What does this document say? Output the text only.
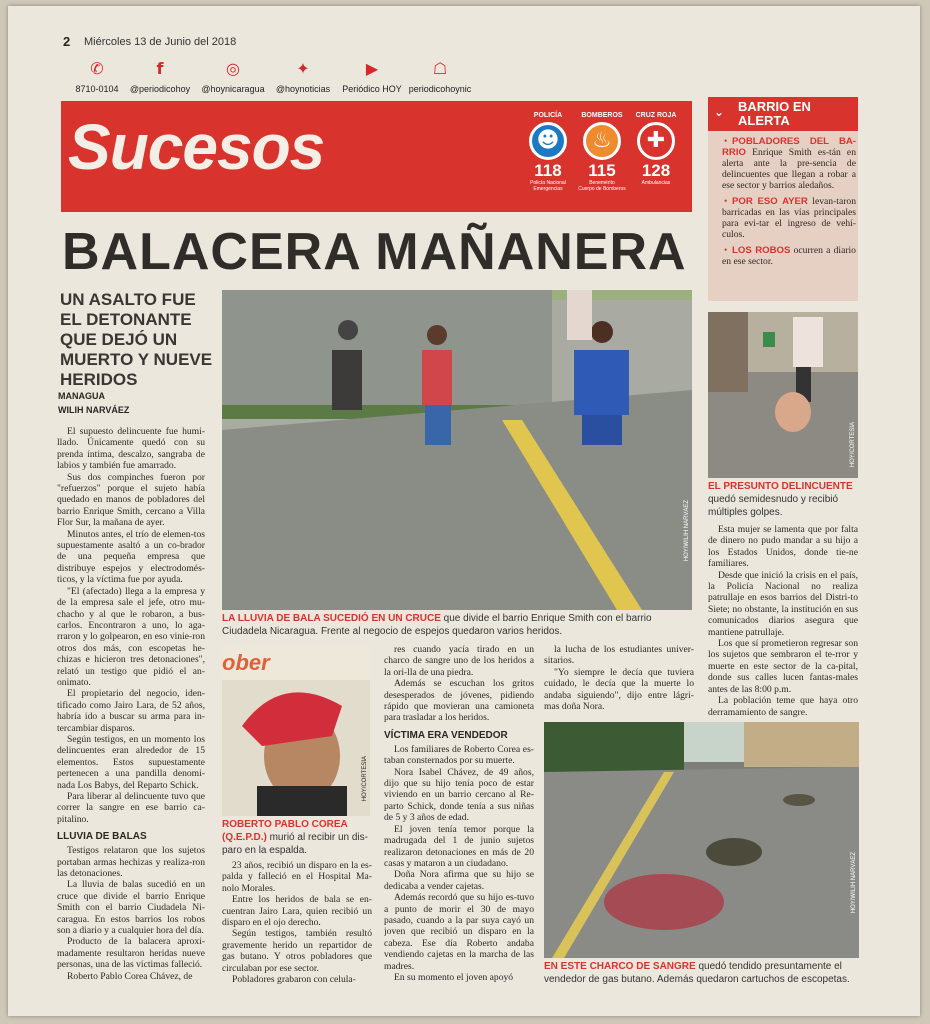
2 Miércoles 13 de Junio del 2018
✆
8710-0104
f
@periodicohoy
◎
@hoynicaragua
✦
@hoynoticias
▶
Periódico HOY
☖
periodicohoynic
Sucesos	POLICÍA
☻
118
Policía Nacional
Emergencias
BOMBEROS
♨
115
Benemérito
Cuerpo de Bomberos
CRUZ ROJA
✚
128
Ambulancias
⌄ BARRIO EN
ALERTA

• POBLADORES DEL BA-RRIO Enrique Smith es-tán en alerta ante la pre-sencia de delincuentes que llegan a robar a ese sector y barrios aledaños.

• POR ESO AYER levan-taron barricadas en las vías principales para evi-tar el ingreso de vehí-culos.

• LOS ROBOS ocurren a diario en ese sector.

BALACERA MAÑANERA
UN ASALTO FUE EL DETONANTE QUE DEJÓ UN MUERTO Y NUEVE HERIDOS
MANAGUA
WILIH NARVÁEZ

El supuesto delincuente fue humi-llado. Únicamente quedó con su prenda íntima, descalzo, sangraba de labios y también fue amarrado.

Sus dos compinches fueron por "refuerzos" porque el sujeto había quedado en manos de pobladores del barrio Enrique Smith, cercano a Villa Flor Sur, la mañana de ayer.

Minutos antes, el trío de elemen-tos supuestamente asaltó a un co-brador de una pequeña empresa que distribuye espejos y electrodomés-ticos, y la víctima fue por ayuda.

"El (afectado) llega a la empresa y de la empresa sale el jefe, otro mu-chacho y al que le robaron, a bus-carlos. Encontraron a uno, lo aga-rraron y lo golpearon, en eso vinie-ron otros dos más, con escopetas he-chizas e hicieron tres detonaciones", relató un testigo que pidió el an-onimato.

El propietario del negocio, iden-tificado como Jairo Lara, de 52 años, habría ido a buscar su arma para in-tercambiar disparos.

Según testigos, en un momento los delincuentes eran alrededor de 15 elementos. Estos supuestamente pertenecen a una pandilla denomi-nada Los Babys, del Reparto Schick.

Para liberar al delincuente tuvo que correr la sangre en ese barrio ca-pitalino.

LLUVIA DE BALAS

Testigos relataron que los sujetos portaban armas hechizas y realiza-ron las detonaciones.

La lluvia de balas sucedió en un cruce que divide el barrio Enrique Smith con el barrio Ciudadela Ni-caragua. En estos barrios los robos son a diario y a cualquier hora del día.

Producto de la balacera aproxi-madamente resultaron heridas nueve personas, una de las víctimas falleció.

Roberto Pablo Corea Chávez, de

HOY/WILIH NARVÁEZ
LA LLUVIA DE BALA SUCEDIÓ EN UN CRUCE que divide el barrio Enrique Smith con el barrio Ciudadela Nicaragua. Frente al negocio de espejos quedaron varios heridos.
HOY/CORTESÍA
EL PRESUNTO DELINCUENTE quedó semidesnudo y recibió múltiples golpes.

Esta mujer se lamenta que por falta de dinero no pudo mandar a su hijo a los Estados Unidos, donde tie-ne familiares.

Desde que inició la crisis en el país, la Policía Nacional no realiza patrullaje en esos barrios del Distri-to Siete; no obstante, la institución en sus comunicados diarios asegura que mantiene patrullaje.

Los que sí prometieron regresar son los sujetos que sembraron el te-rror y muerte en este sector de la ca-pital, donde sus calles lucen fantas-males antes de las 8:00 p.m.

La población teme que haya otro derramamiento de sangre.

ober
HOY/CORTESÍA
ROBERTO PABLO COREA (Q.E.P.D.) murió al recibir un dis-paro en la espalda.

23 años, recibió un disparo en la es-palda y falleció en el Hospital Ma-nolo Morales.

Entre los heridos de bala se en-cuentran Jairo Lara, quien recibió un disparo en el ojo derecho.

Según testigos, también resultó gravemente herido un repartidor de gas butano. Y otros pobladores que circulaban por ese sector.

Pobladores grabaron con celula-

res cuando yacía tirado en un charco de sangre uno de los heridos a la ori-lla de una piedra.

Además se escuchan los gritos desesperados de jóvenes, pidiendo rápido que movieran una camioneta para trasladar a los heridos.

VÍCTIMA ERA VENDEDOR

Los familiares de Roberto Corea es-taban consternados por su muerte.

Nora Isabel Chávez, de 49 años, dijo que su hijo tenía poco de estar viviendo en un barrio cercano al Re-parto Schick, donde tenía a sus niñas de 5 y 3 años de edad.

El joven tenía temor porque la madrugada del 1 de junio sujetos realizaron detonaciones en más de 20 casas y mataron a un ciudadano.

Doña Nora afirma que su hijo se dedicaba a vender cajetas.

Además recordó que su hijo es-tuvo a punto de morir el 30 de mayo pasado, cuando a la par suya cayó un joven que recibió un disparo en la cabeza. Ese día Roberto andaba vendiendo cajetas en la marcha de las madres.

En su momento el joven apoyó

la lucha de los estudiantes univer-sitarios.

"Yo siempre le decía que tuviera cuidado, le decía que la muerte lo andaba siguiendo", dijo entre lágri-mas doña Nora.

HOY/WILIH NARVÁEZ
EN ESTE CHARCO DE SANGRE quedó tendido presuntamente el vendedor de gas butano. Además quedaron cartuchos de escopetas.
